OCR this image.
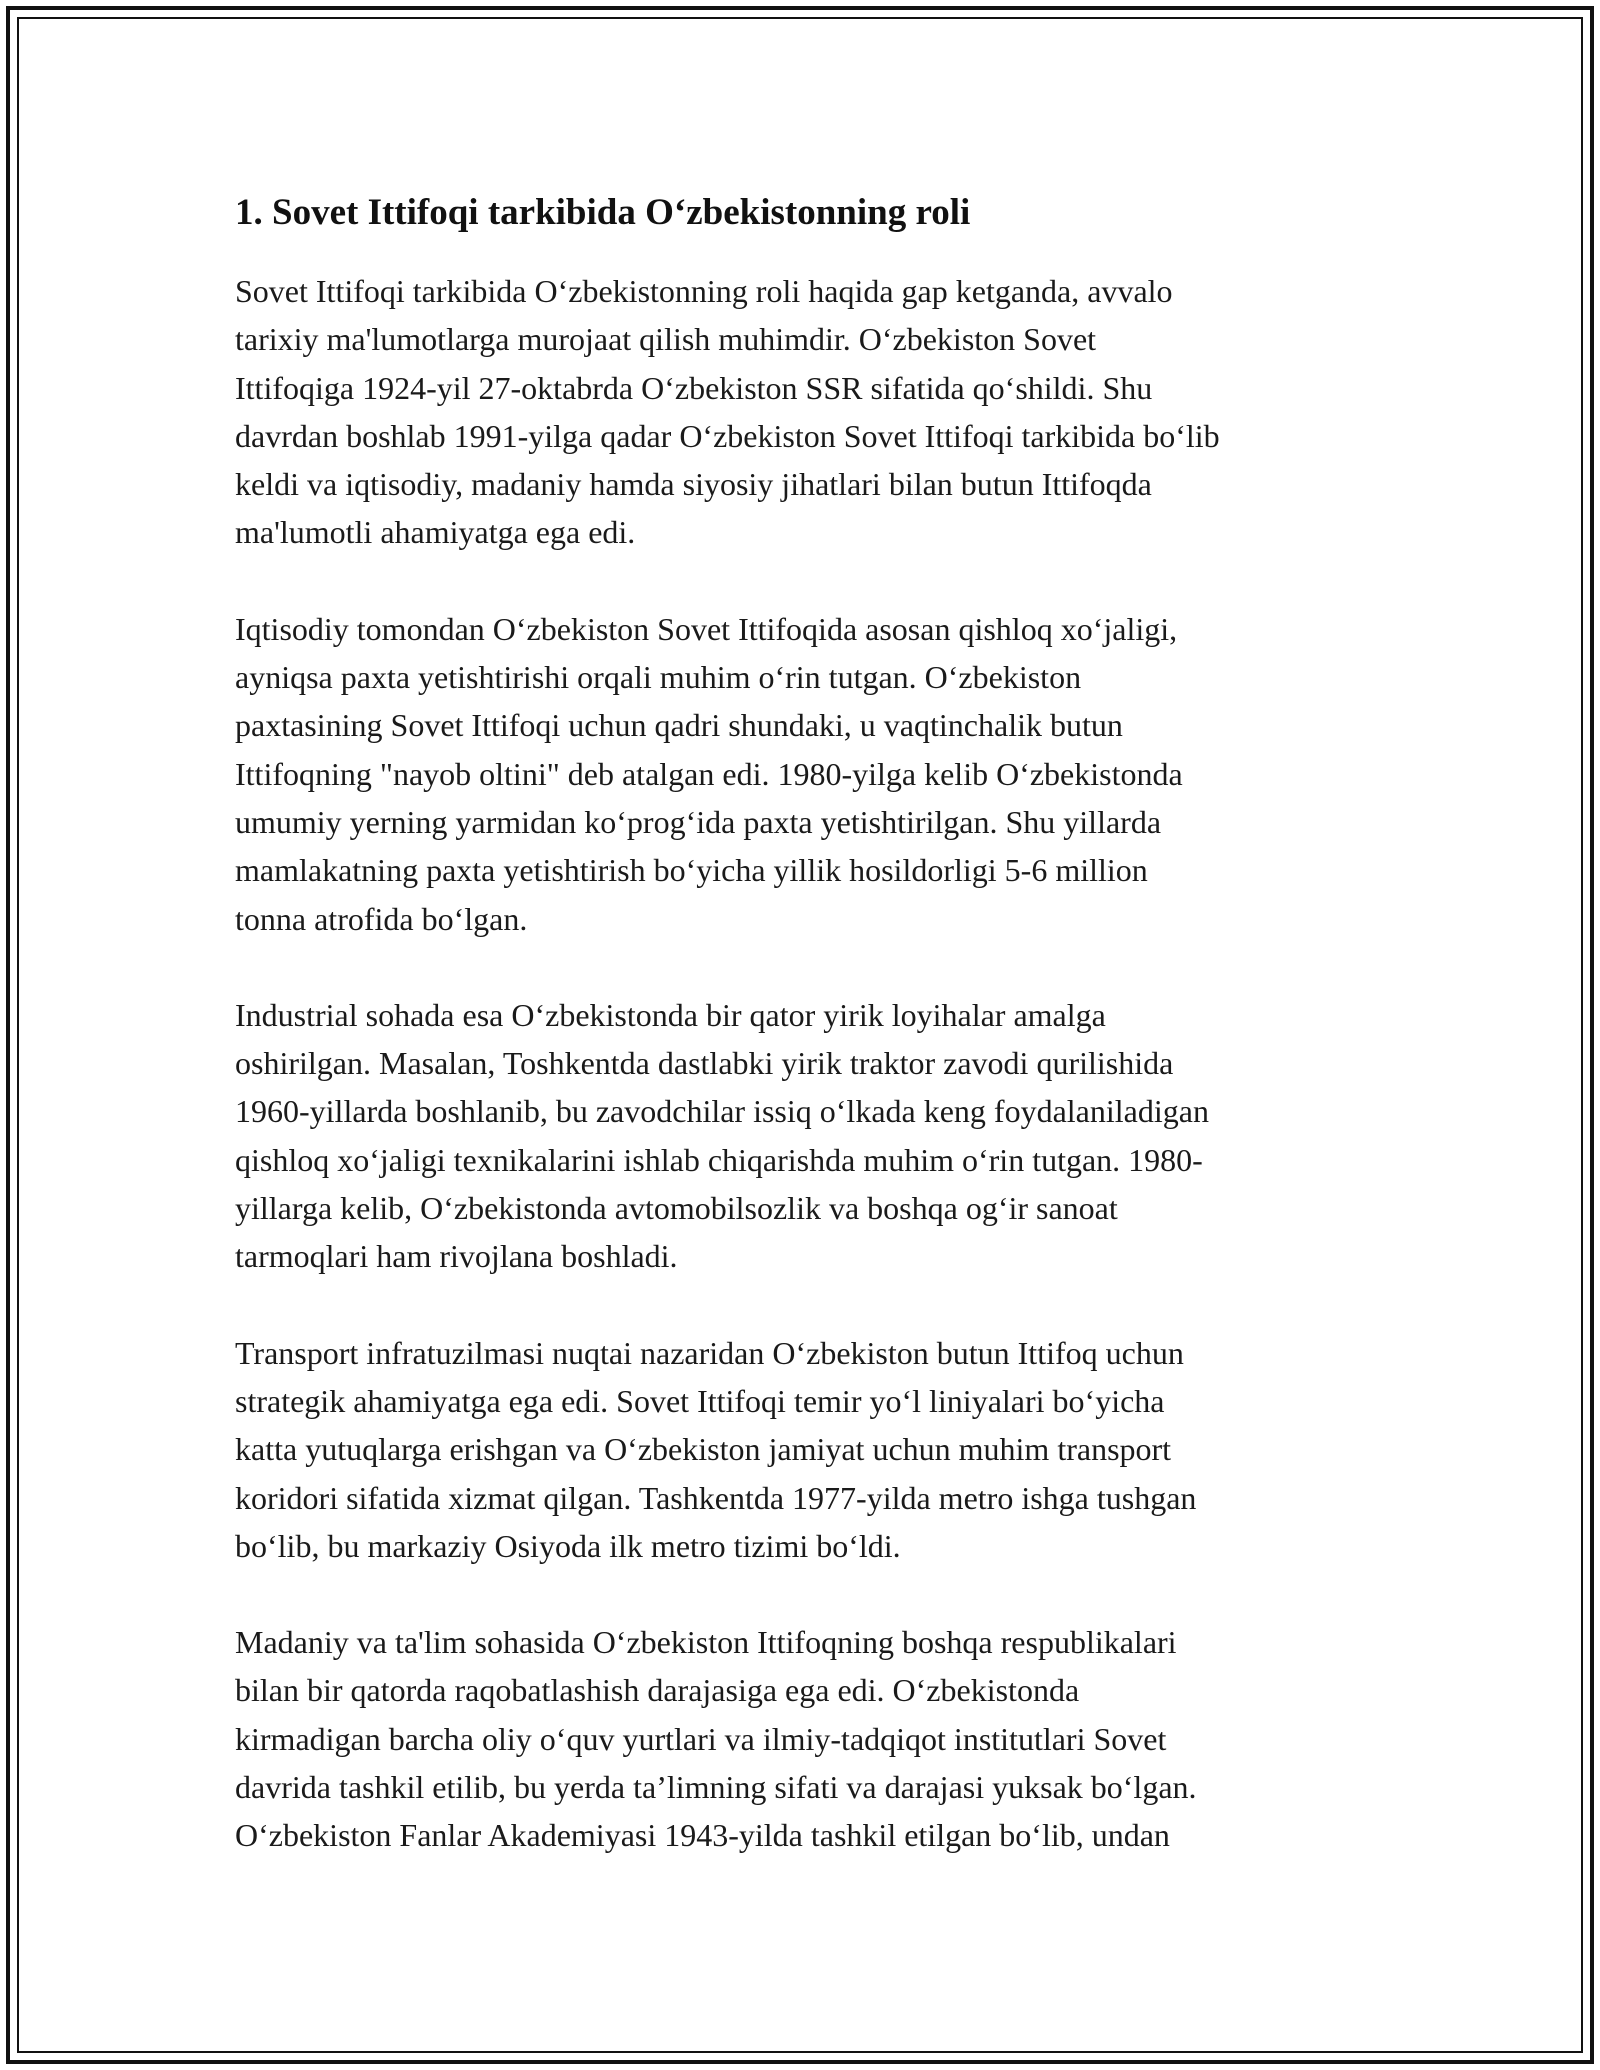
1. Sovet Ittifoqi tarkibida O‘zbekistonning roli

Sovet Ittifoqi tarkibida O‘zbekistonning roli haqida gap ketganda, avvalo
tarixiy ma'lumotlarga murojaat qilish muhimdir. O‘zbekiston Sovet
Ittifoqiga 1924-yil 27-oktabrda O‘zbekiston SSR sifatida qo‘shildi. Shu
davrdan boshlab 1991-yilga qadar O‘zbekiston Sovet Ittifoqi tarkibida bo‘lib
keldi va iqtisodiy, madaniy hamda siyosiy jihatlari bilan butun Ittifoqda
ma'lumotli ahamiyatga ega edi.

Iqtisodiy tomondan O‘zbekiston Sovet Ittifoqida asosan qishloq xo‘jaligi,
ayniqsa paxta yetishtirishi orqali muhim o‘rin tutgan. O‘zbekiston
paxtasining Sovet Ittifoqi uchun qadri shundaki, u vaqtinchalik butun
Ittifoqning "nayob oltini" deb atalgan edi. 1980-yilga kelib O‘zbekistonda
umumiy yerning yarmidan ko‘prog‘ida paxta yetishtirilgan. Shu yillarda
mamlakatning paxta yetishtirish bo‘yicha yillik hosildorligi 5-6 million
tonna atrofida bo‘lgan.

Industrial sohada esa O‘zbekistonda bir qator yirik loyihalar amalga
oshirilgan. Masalan, Toshkentda dastlabki yirik traktor zavodi qurilishida
1960-yillarda boshlanib, bu zavodchilar issiq o‘lkada keng foydalaniladigan
qishloq xo‘jaligi texnikalarini ishlab chiqarishda muhim o‘rin tutgan. 1980-
yillarga kelib, O‘zbekistonda avtomobilsozlik va boshqa og‘ir sanoat
tarmoqlari ham rivojlana boshladi.

Transport infratuzilmasi nuqtai nazaridan O‘zbekiston butun Ittifoq uchun
strategik ahamiyatga ega edi. Sovet Ittifoqi temir yo‘l liniyalari bo‘yicha
katta yutuqlarga erishgan va O‘zbekiston jamiyat uchun muhim transport
koridori sifatida xizmat qilgan. Tashkentda 1977-yilda metro ishga tushgan
bo‘lib, bu markaziy Osiyoda ilk metro tizimi bo‘ldi.

Madaniy va ta'lim sohasida O‘zbekiston Ittifoqning boshqa respublikalari
bilan bir qatorda raqobatlashish darajasiga ega edi. O‘zbekistonda
kirmadigan barcha oliy o‘quv yurtlari va ilmiy-tadqiqot institutlari Sovet
davrida tashkil etilib, bu yerda ta’limning sifati va darajasi yuksak bo‘lgan.
O‘zbekiston Fanlar Akademiyasi 1943-yilda tashkil etilgan bo‘lib, undan
